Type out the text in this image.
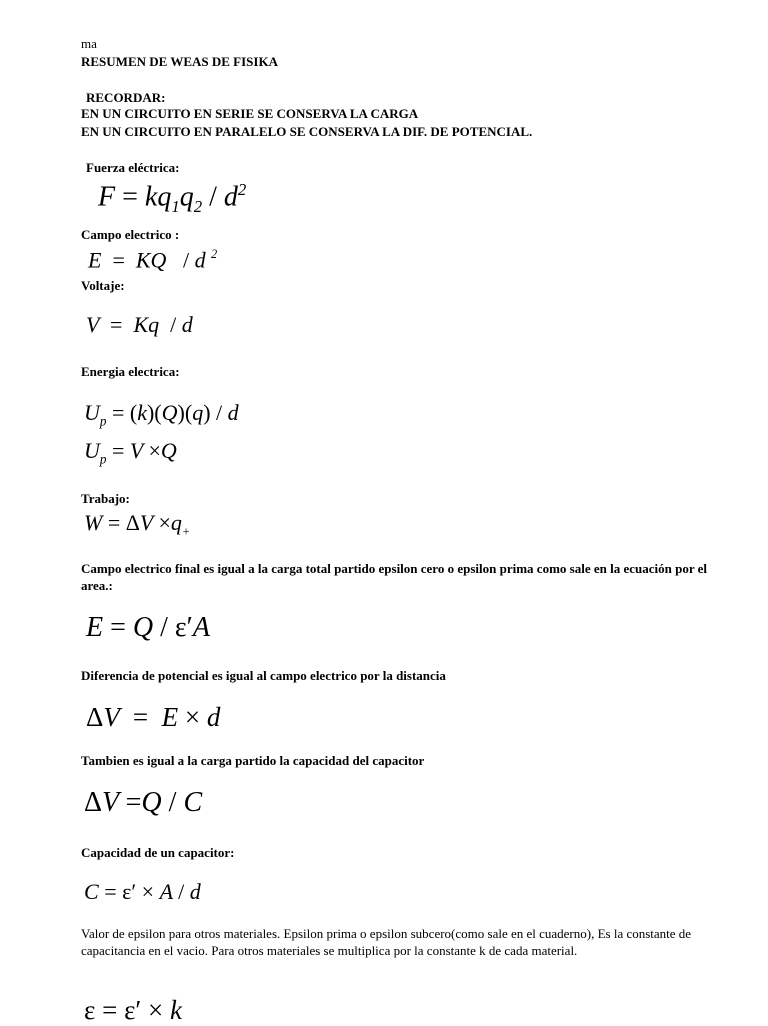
ma
RESUMEN DE WEAS DE FISIKA
RECORDAR:
EN UN CIRCUITO EN SERIE SE CONSERVA LA CARGA
EN UN CIRCUITO EN PARALELO SE CONSERVA LA DIF. DE POTENCIAL.
Fuerza eléctrica:
$F = kq_1q_2 / d^2$
Campo electrico :
E  =  KQ   / d $^2$
Voltaje:
V  =  Kq  / d
Energia electrica:
$U_p = (k)(Q)(q) / d$
$U_p = V \times Q$
Trabajo:
$W = \Delta V \times q_+$
Campo electrico final es igual a la carga total partido epsilon cero o epsilon prima como sale en la ecuación por el area.:
E = Q / ε′A
Diferencia de potencial es igual al campo electrico por la distancia
ΔV  =  E × d
Tambien es igual a la carga partido la capacidad del capacitor
ΔV =Q / C
Capacidad de un capacitor:
C = ε′ × A / d
Valor de epsilon para otros materiales. Epsilon prima o epsilon subcero(como sale en el cuaderno), Es la constante de capacitancia en el vacio. Para otros materiales se multiplica por la constante k de cada material.
ε = ε′ × k
